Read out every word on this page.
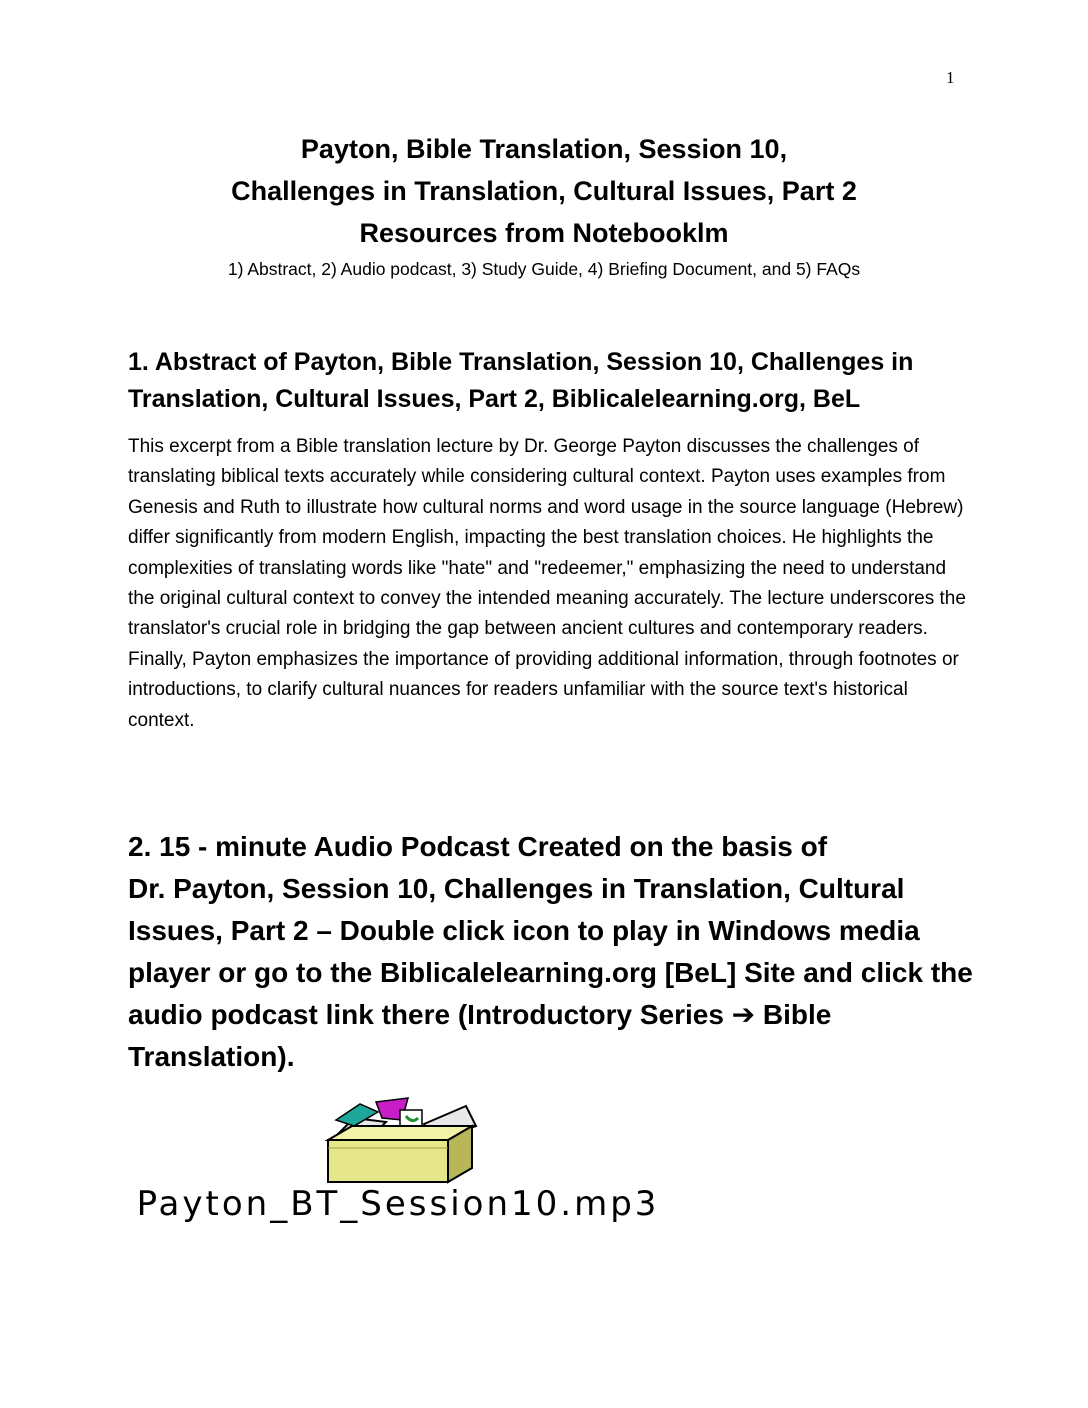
1
Payton, Bible Translation, Session 10,
Challenges in Translation, Cultural Issues, Part 2
Resources from Notebooklm
1) Abstract, 2) Audio podcast, 3) Study Guide, 4) Briefing Document, and 5) FAQs
1. Abstract of Payton, Bible Translation, Session 10, Challenges in Translation, Cultural Issues, Part 2, Biblicalelearning.org, BeL
This excerpt from a Bible translation lecture by Dr. George Payton discusses the challenges of translating biblical texts accurately while considering cultural context. Payton uses examples from Genesis and Ruth to illustrate how cultural norms and word usage in the source language (Hebrew) differ significantly from modern English, impacting the best translation choices. He highlights the complexities of translating words like "hate" and "redeemer," emphasizing the need to understand the original cultural context to convey the intended meaning accurately. The lecture underscores the translator's crucial role in bridging the gap between ancient cultures and contemporary readers. Finally, Payton emphasizes the importance of providing additional information, through footnotes or introductions, to clarify cultural nuances for readers unfamiliar with the source text's historical context.
2. 15 - minute Audio Podcast Created on the basis of
Dr. Payton, Session 10, Challenges in Translation, Cultural Issues, Part 2 – Double click icon to play in Windows media player or go to the Biblicalelearning.org [BeL] Site and click the audio podcast link there (Introductory Series ➔ Bible Translation).
Payton_BT_Session10.mp3
